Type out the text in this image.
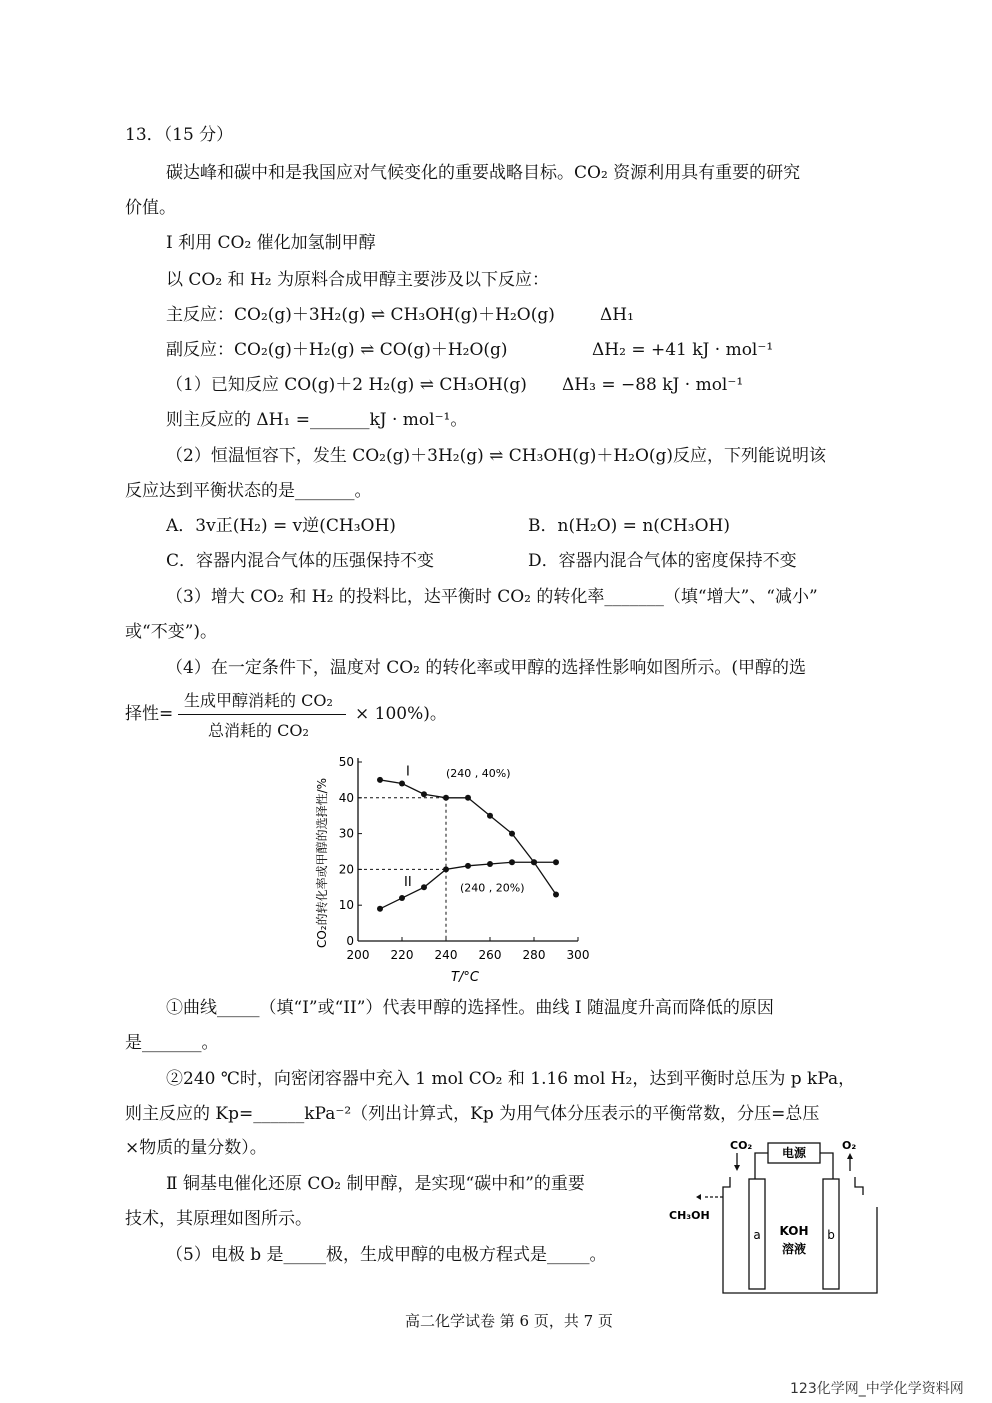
13．（15 分）
碳达峰和碳中和是我国应对气候变化的重要战略目标。CO₂ 资源利用具有重要的研究
价值。
I 利用 CO₂ 催化加氢制甲醇
以 CO₂ 和 H₂ 为原料合成甲醇主要涉及以下反应：
主反应：CO₂(g)＋3H₂(g) ⇌ CH₃OH(g)＋H₂O(g)	ΔH₁
副反应：CO₂(g)＋H₂(g) ⇌ CO(g)＋H₂O(g)	ΔH₂ = +41 kJ · mol⁻¹
（1）已知反应 CO(g)＋2 H₂(g) ⇌ CH₃OH(g) ΔH₃ = −88 kJ · mol⁻¹
则主反应的 ΔH₁ =_______kJ · mol⁻¹。
（2）恒温恒容下，发生 CO₂(g)＋3H₂(g) ⇌ CH₃OH(g)＋H₂O(g)反应，下列能说明该
反应达到平衡状态的是_______。
A．3v正(H₂) = v逆(CH₃OH)	B．n(H₂O) = n(CH₃OH)
C．容器内混合气体的压强保持不变	D．容器内混合气体的密度保持不变
（3）增大 CO₂ 和 H₂ 的投料比，达平衡时 CO₂ 的转化率_______（填“增大”、“减小”
或“不变”)。
（4）在一定条件下，温度对 CO₂ 的转化率或甲醇的选择性影响如图所示。(甲醇的选
择性=
生成甲醇消耗的 CO₂
总消耗的 CO₂
× 100%)。
CO₂的转化率或甲醇的选择性/%
T/°C
0
10
20
30
40
50
200 220 240 260 280 300
I
II
(240 , 40%)
(240 , 20%)
①曲线_____（填“I”或“II”）代表甲醇的选择性。曲线 I 随温度升高而降低的原因
是_______。
②240 ℃时，向密闭容器中充入 1 mol CO₂ 和 1.16 mol H₂，达到平衡时总压为 p kPa，
则主反应的 Kp=______kPa⁻²（列出计算式，Kp 为用气体分压表示的平衡常数，分压=总压
×物质的量分数）。
Ⅱ 铜基电催化还原 CO₂ 制甲醇，是实现“碳中和”的重要
技术，其原理如图所示。
（5）电极 b 是_____极，生成甲醇的电极方程式是_____。
CO₂	O₂
电源
CH₃OH
a	b
KOH
溶液
高二化学试卷 第 6 页，共 7 页
123化学网_中学化学资料网
